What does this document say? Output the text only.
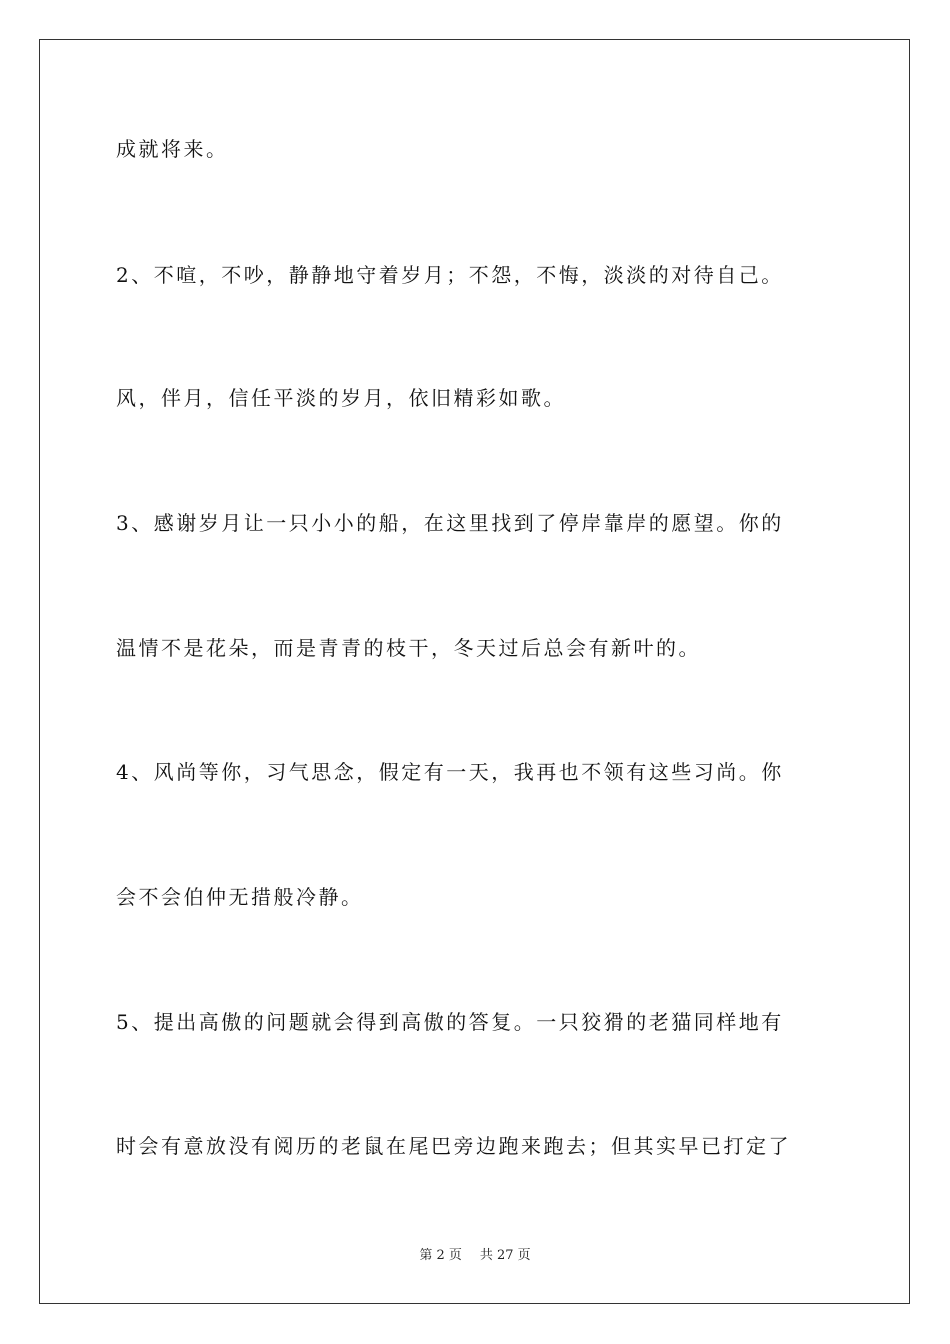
成就将来。
2、不喧，不吵，静静地守着岁月；不怨，不悔，淡淡的对待自己。
风，伴月，信任平淡的岁月，依旧精彩如歌。
3、感谢岁月让一只小小的船，在这里找到了停岸靠岸的愿望。你的
温情不是花朵，而是青青的枝干，冬天过后总会有新叶的。
4、风尚等你，习气思念，假定有一天，我再也不领有这些习尚。你
会不会伯仲无措般冷静。
5、提出高傲的问题就会得到高傲的答复。一只狡猾的老猫同样地有
时会有意放没有阅历的老鼠在尾巴旁边跑来跑去；但其实早已打定了
第 2 页 共 27 页
